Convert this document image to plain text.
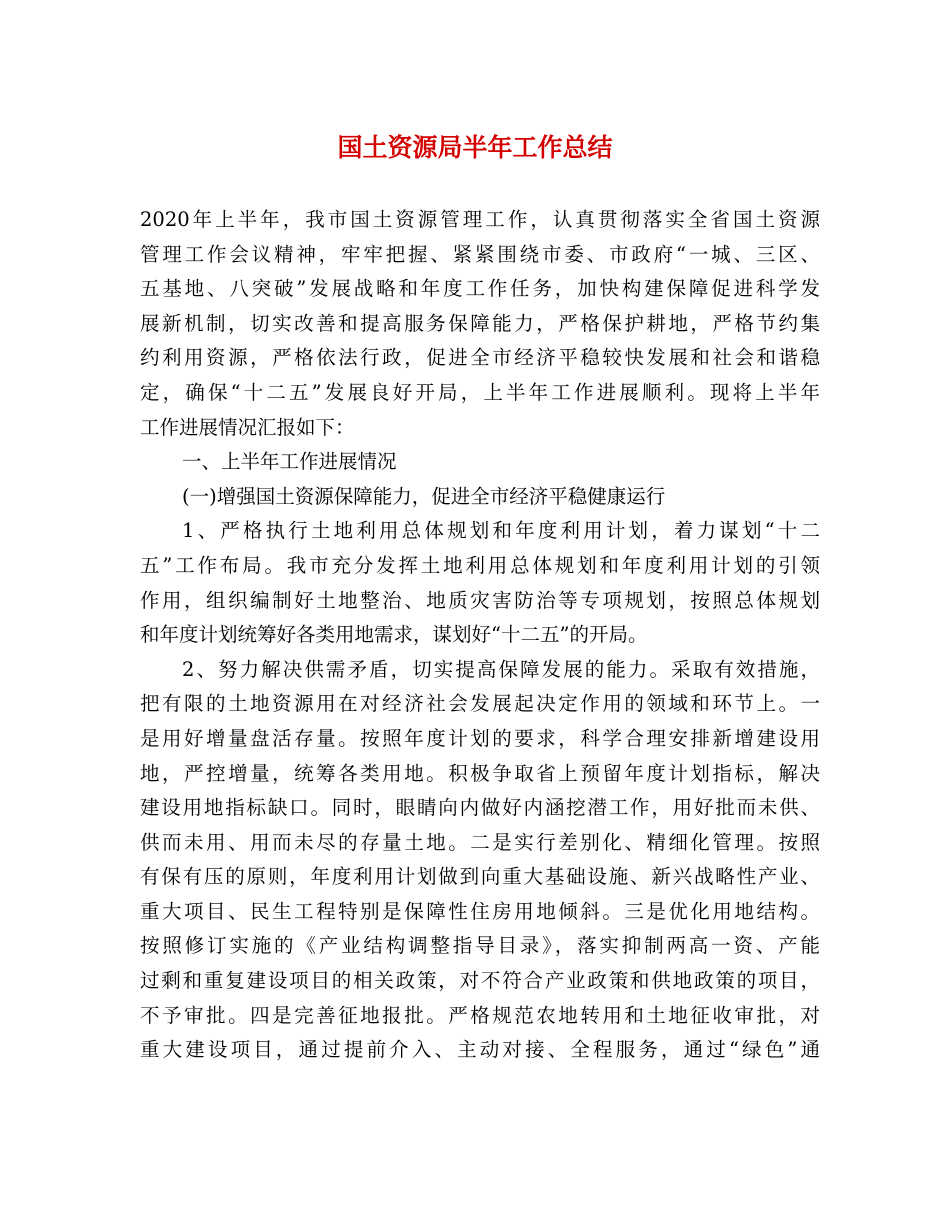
国土资源局半年工作总结
2020年上半年，我市国土资源管理工作，认真贯彻落实全省国土资源
管理工作会议精神，牢牢把握、紧紧围绕市委、市政府“一城、三区、
五基地、八突破”发展战略和年度工作任务，加快构建保障促进科学发
展新机制，切实改善和提高服务保障能力，严格保护耕地，严格节约集
约利用资源，严格依法行政，促进全市经济平稳较快发展和社会和谐稳
定，确保“十二五”发展良好开局，上半年工作进展顺利。现将上半年
工作进展情况汇报如下：
一、上半年工作进展情况
(一)增强国土资源保障能力，促进全市经济平稳健康运行
1、严格执行土地利用总体规划和年度利用计划，着力谋划“十二
五”工作布局。我市充分发挥土地利用总体规划和年度利用计划的引领
作用，组织编制好土地整治、地质灾害防治等专项规划，按照总体规划
和年度计划统筹好各类用地需求，谋划好“十二五”的开局。
2、努力解决供需矛盾，切实提高保障发展的能力。采取有效措施，
把有限的土地资源用在对经济社会发展起决定作用的领域和环节上。一
是用好增量盘活存量。按照年度计划的要求，科学合理安排新增建设用
地，严控增量，统筹各类用地。积极争取省上预留年度计划指标，解决
建设用地指标缺口。同时，眼睛向内做好内涵挖潜工作，用好批而未供、
供而未用、用而未尽的存量土地。二是实行差别化、精细化管理。按照
有保有压的原则，年度利用计划做到向重大基础设施、新兴战略性产业、
重大项目、民生工程特别是保障性住房用地倾斜。三是优化用地结构。
按照修订实施的《产业结构调整指导目录》，落实抑制两高一资、产能
过剩和重复建设项目的相关政策，对不符合产业政策和供地政策的项目，
不予审批。四是完善征地报批。严格规范农地转用和土地征收审批，对
重大建设项目，通过提前介入、主动对接、全程服务，通过“绿色”通
